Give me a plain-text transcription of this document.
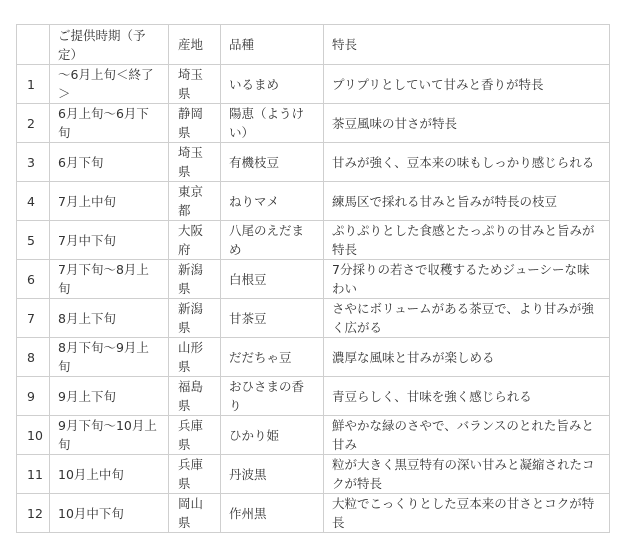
	ご提供時期（予定）	産地	品種	特長
1	～6月上旬＜終了＞	埼玉県	いるまめ	プリプリとしていて甘みと香りが特長
2	6月上旬～6月下旬	静岡県	陽恵（ようけい）	茶豆風味の甘さが特長
3	6月下旬	埼玉県	有機枝豆	甘みが強く、豆本来の味もしっかり感じられる
4	7月上中旬	東京都	ねりマメ	練馬区で採れる甘みと旨みが特長の枝豆
5	7月中下旬	大阪府	八尾のえだまめ	ぷりぷりとした食感とたっぷりの甘みと旨みが特長
6	7月下旬～8月上旬	新潟県	白根豆	7分採りの若さで収穫するためジューシーな味わい
7	8月上下旬	新潟県	甘茶豆	さやにボリュームがある茶豆で、より甘みが強く広がる
8	8月下旬～9月上旬	山形県	だだちゃ豆	濃厚な風味と甘みが楽しめる
9	9月上下旬	福島県	おひさまの香り	青豆らしく、甘味を強く感じられる
10	9月下旬～10月上旬	兵庫県	ひかり姫	鮮やかな緑のさやで、バランスのとれた旨みと甘み
11	10月上中旬	兵庫県	丹波黒	粒が大きく黒豆特有の深い甘みと凝縮されたコクが特長
12	10月中下旬	岡山県	作州黒	大粒でこっくりとした豆本来の甘さとコクが特長
